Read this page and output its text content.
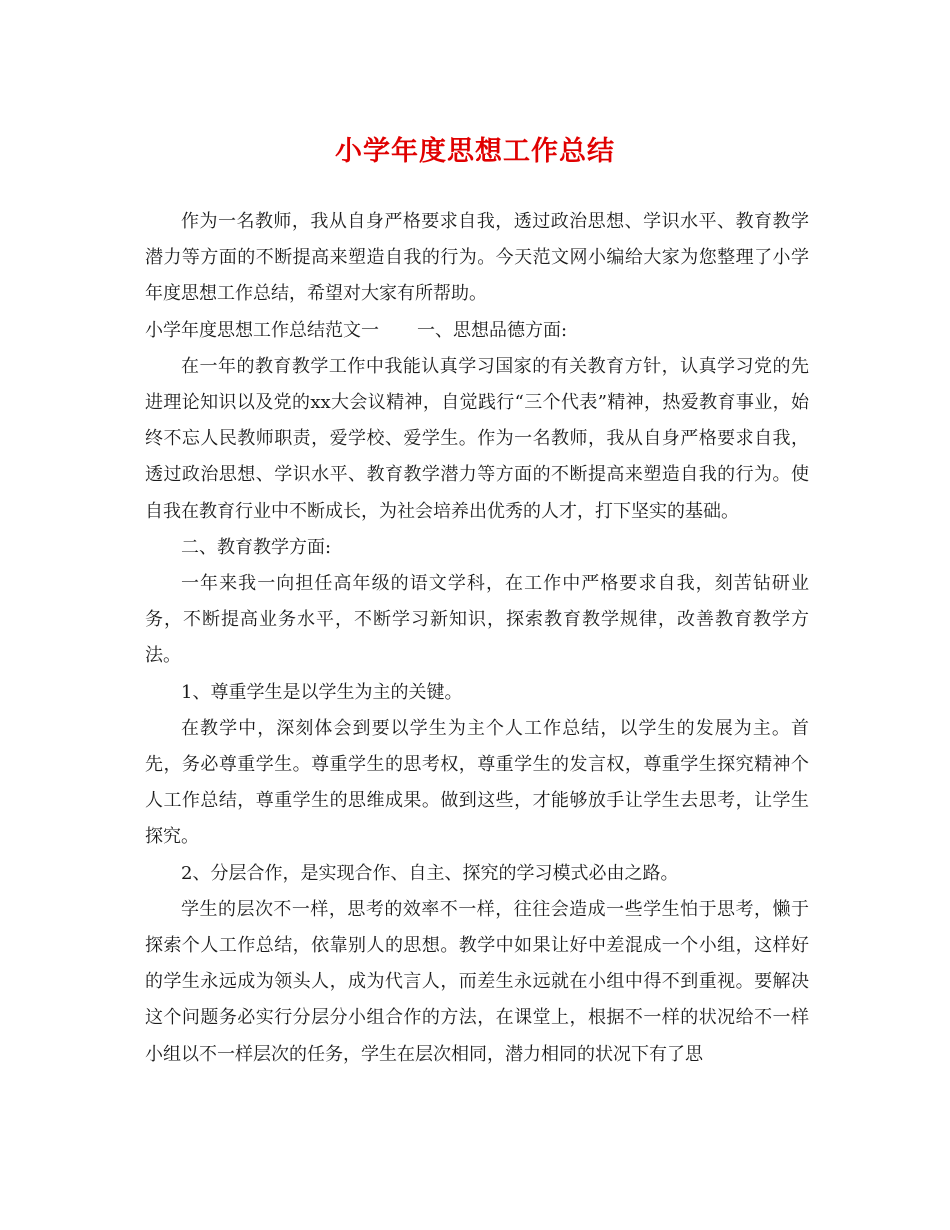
小学年度思想工作总结

作为一名教师，我从自身严格要求自我，透过政治思想、学识水平、教育教学潜力等方面的不断提高来塑造自我的行为。今天范文网小编给大家为您整理了小学年度思想工作总结，希望对大家有所帮助。

小学年度思想工作总结范文一 一、思想品德方面:

在一年的教育教学工作中我能认真学习国家的有关教育方针，认真学习党的先进理论知识以及党的xx大会议精神，自觉践行“三个代表”精神，热爱教育事业，始终不忘人民教师职责，爱学校、爱学生。作为一名教师，我从自身严格要求自我，透过政治思想、学识水平、教育教学潜力等方面的不断提高来塑造自我的行为。使自我在教育行业中不断成长，为社会培养出优秀的人才，打下坚实的基础。

二、教育教学方面:

一年来我一向担任高年级的语文学科，在工作中严格要求自我，刻苦钻研业务，不断提高业务水平，不断学习新知识，探索教育教学规律，改善教育教学方法。

1、尊重学生是以学生为主的关键。

在教学中，深刻体会到要以学生为主个人工作总结，以学生的发展为主。首先，务必尊重学生。尊重学生的思考权，尊重学生的发言权，尊重学生探究精神个人工作总结，尊重学生的思维成果。做到这些，才能够放手让学生去思考，让学生探究。

2、分层合作，是实现合作、自主、探究的学习模式必由之路。

学生的层次不一样，思考的效率不一样，往往会造成一些学生怕于思考，懒于探索个人工作总结，依靠别人的思想。教学中如果让好中差混成一个小组，这样好的学生永远成为领头人，成为代言人，而差生永远就在小组中得不到重视。要解决这个问题务必实行分层分小组合作的方法，在课堂上，根据不一样的状况给不一样小组以不一样层次的任务，学生在层次相同，潜力相同的状况下有了思
